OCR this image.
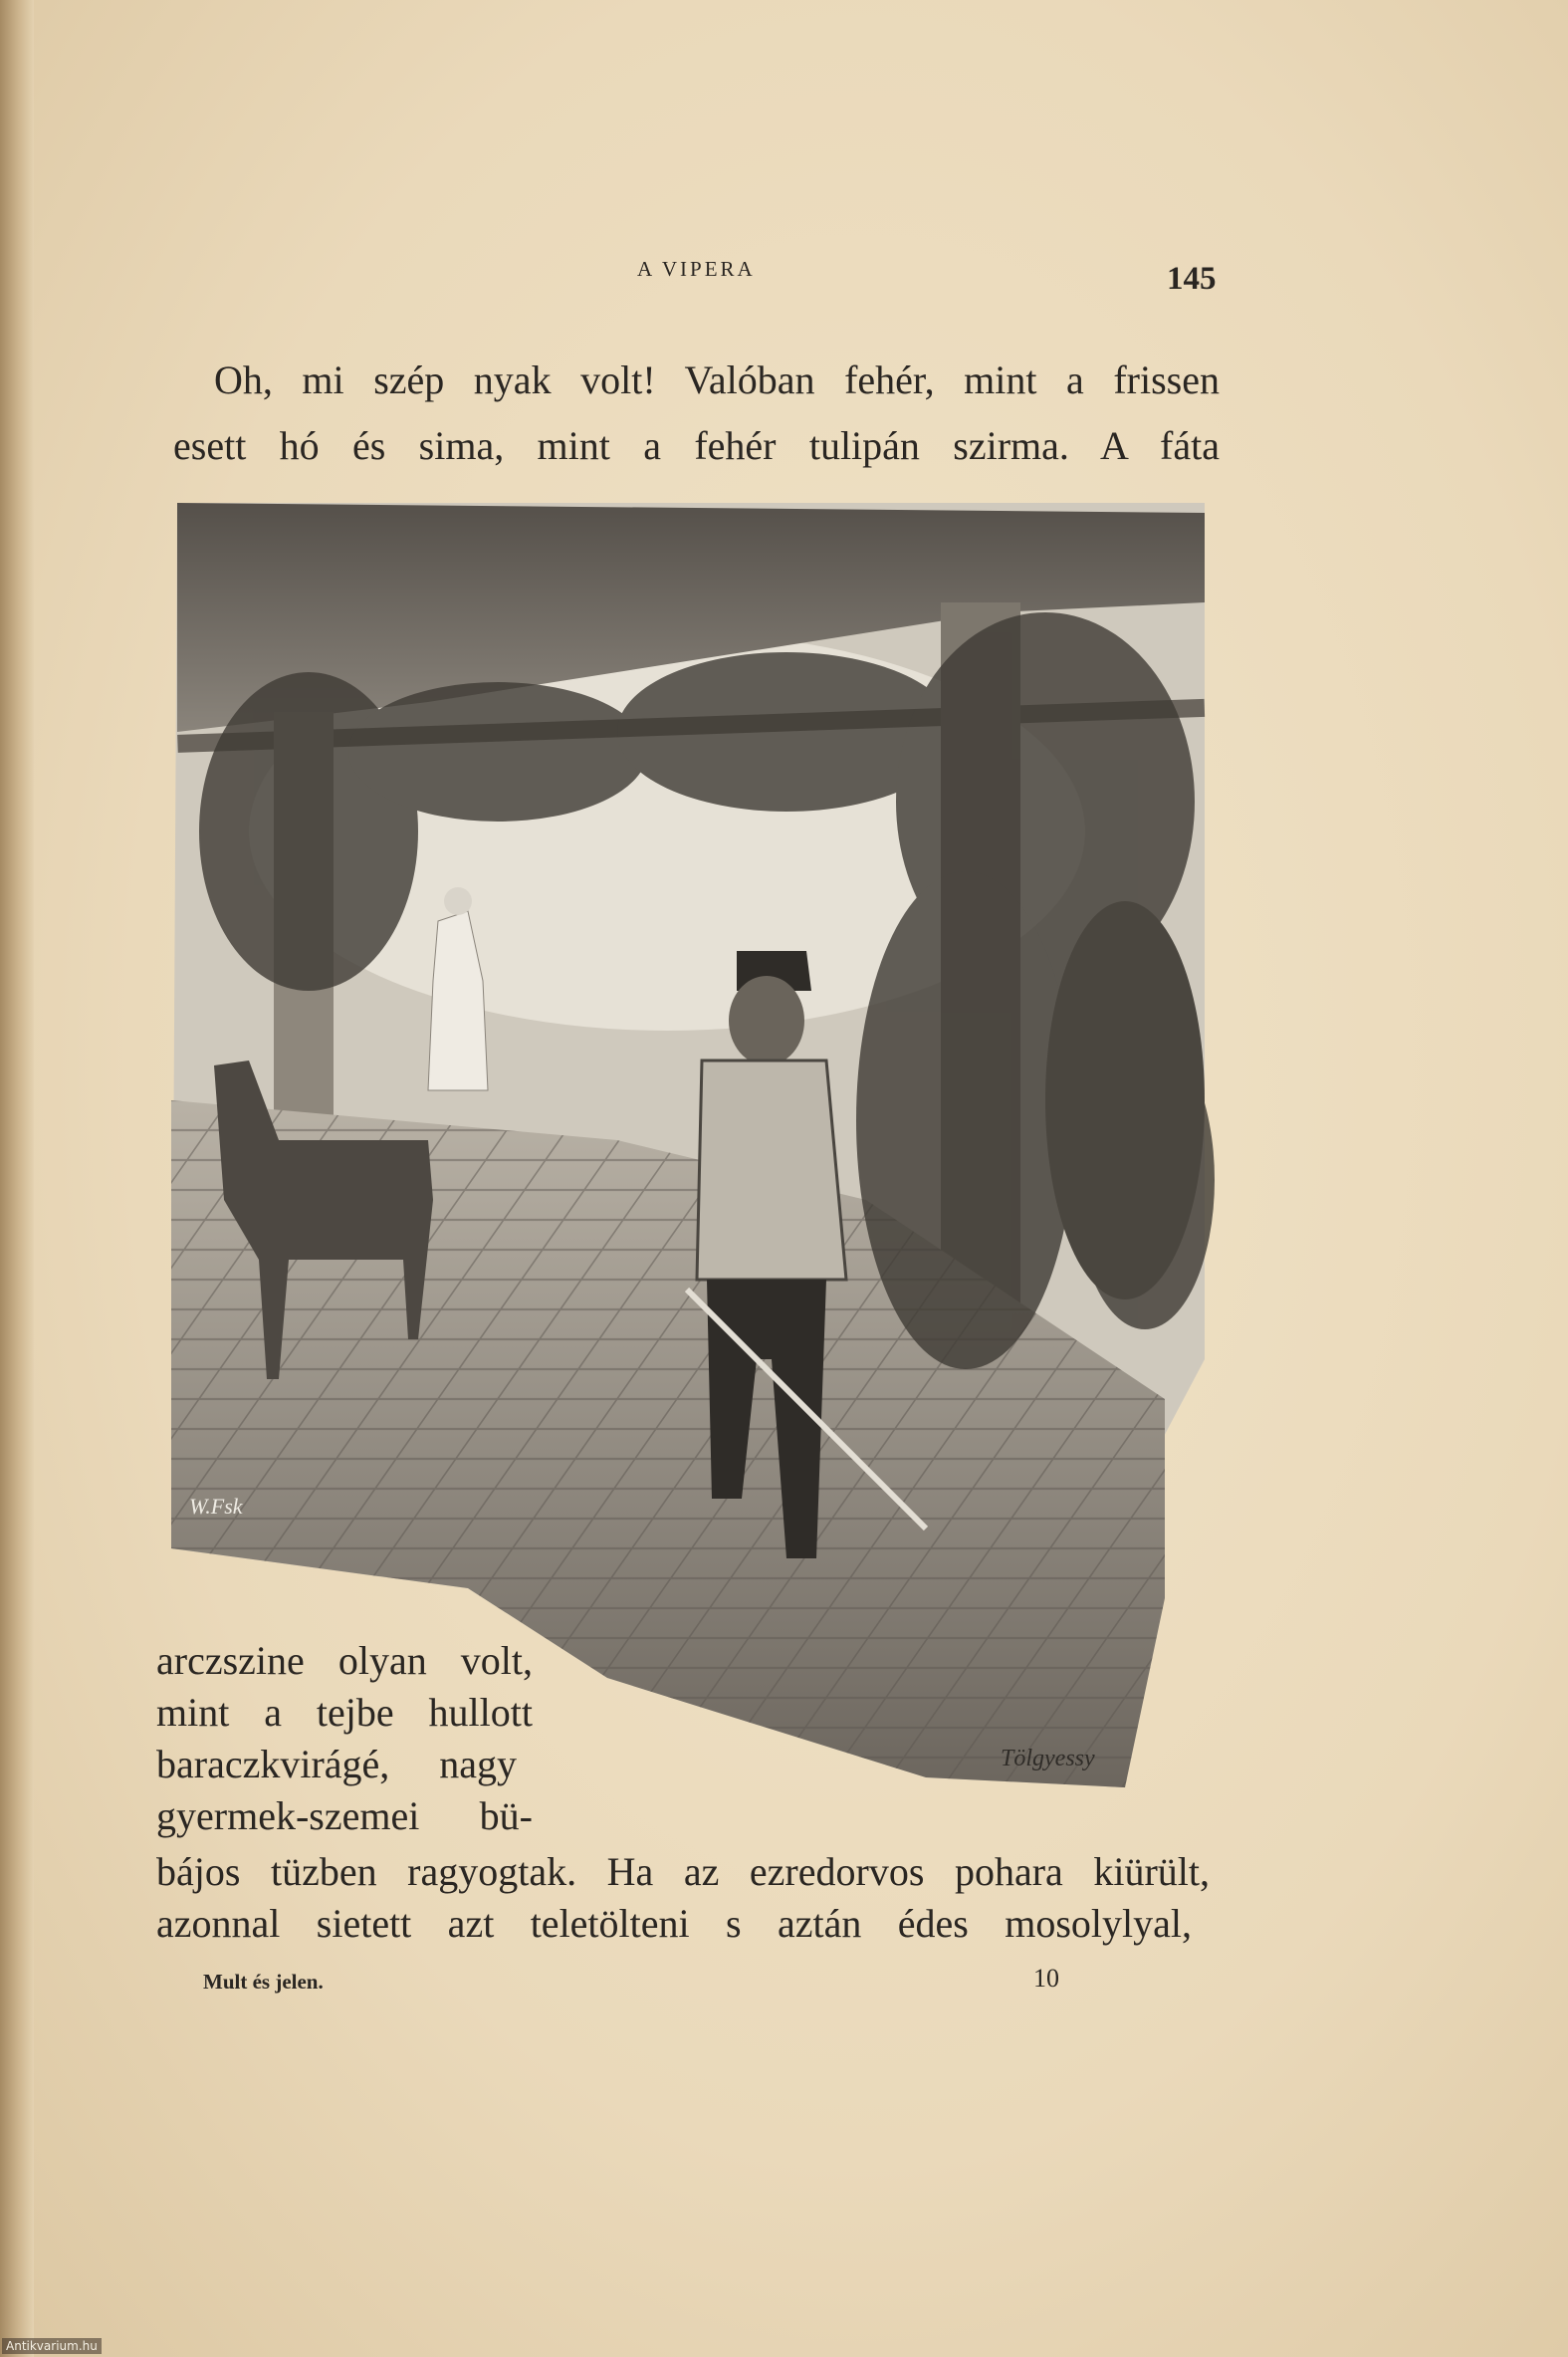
A VIPERA	145
Oh, mi szép nyak volt! Valóban fehér, mint a frissen
esett hó és sima, mint a fehér tulipán szirma. A fáta
W.Fsk
Tölgyessy
arczszine olyan volt,
mint a tejbe hullott
baraczkvirágé, nagy
gyermek-szemei bü-
bájos tüzben ragyogtak. Ha az ezredorvos pohara kiürült,
azonnal sietett azt teletölteni s aztán édes mosolylyal,
Mult és jelen.	10
Antikvarium.hu
